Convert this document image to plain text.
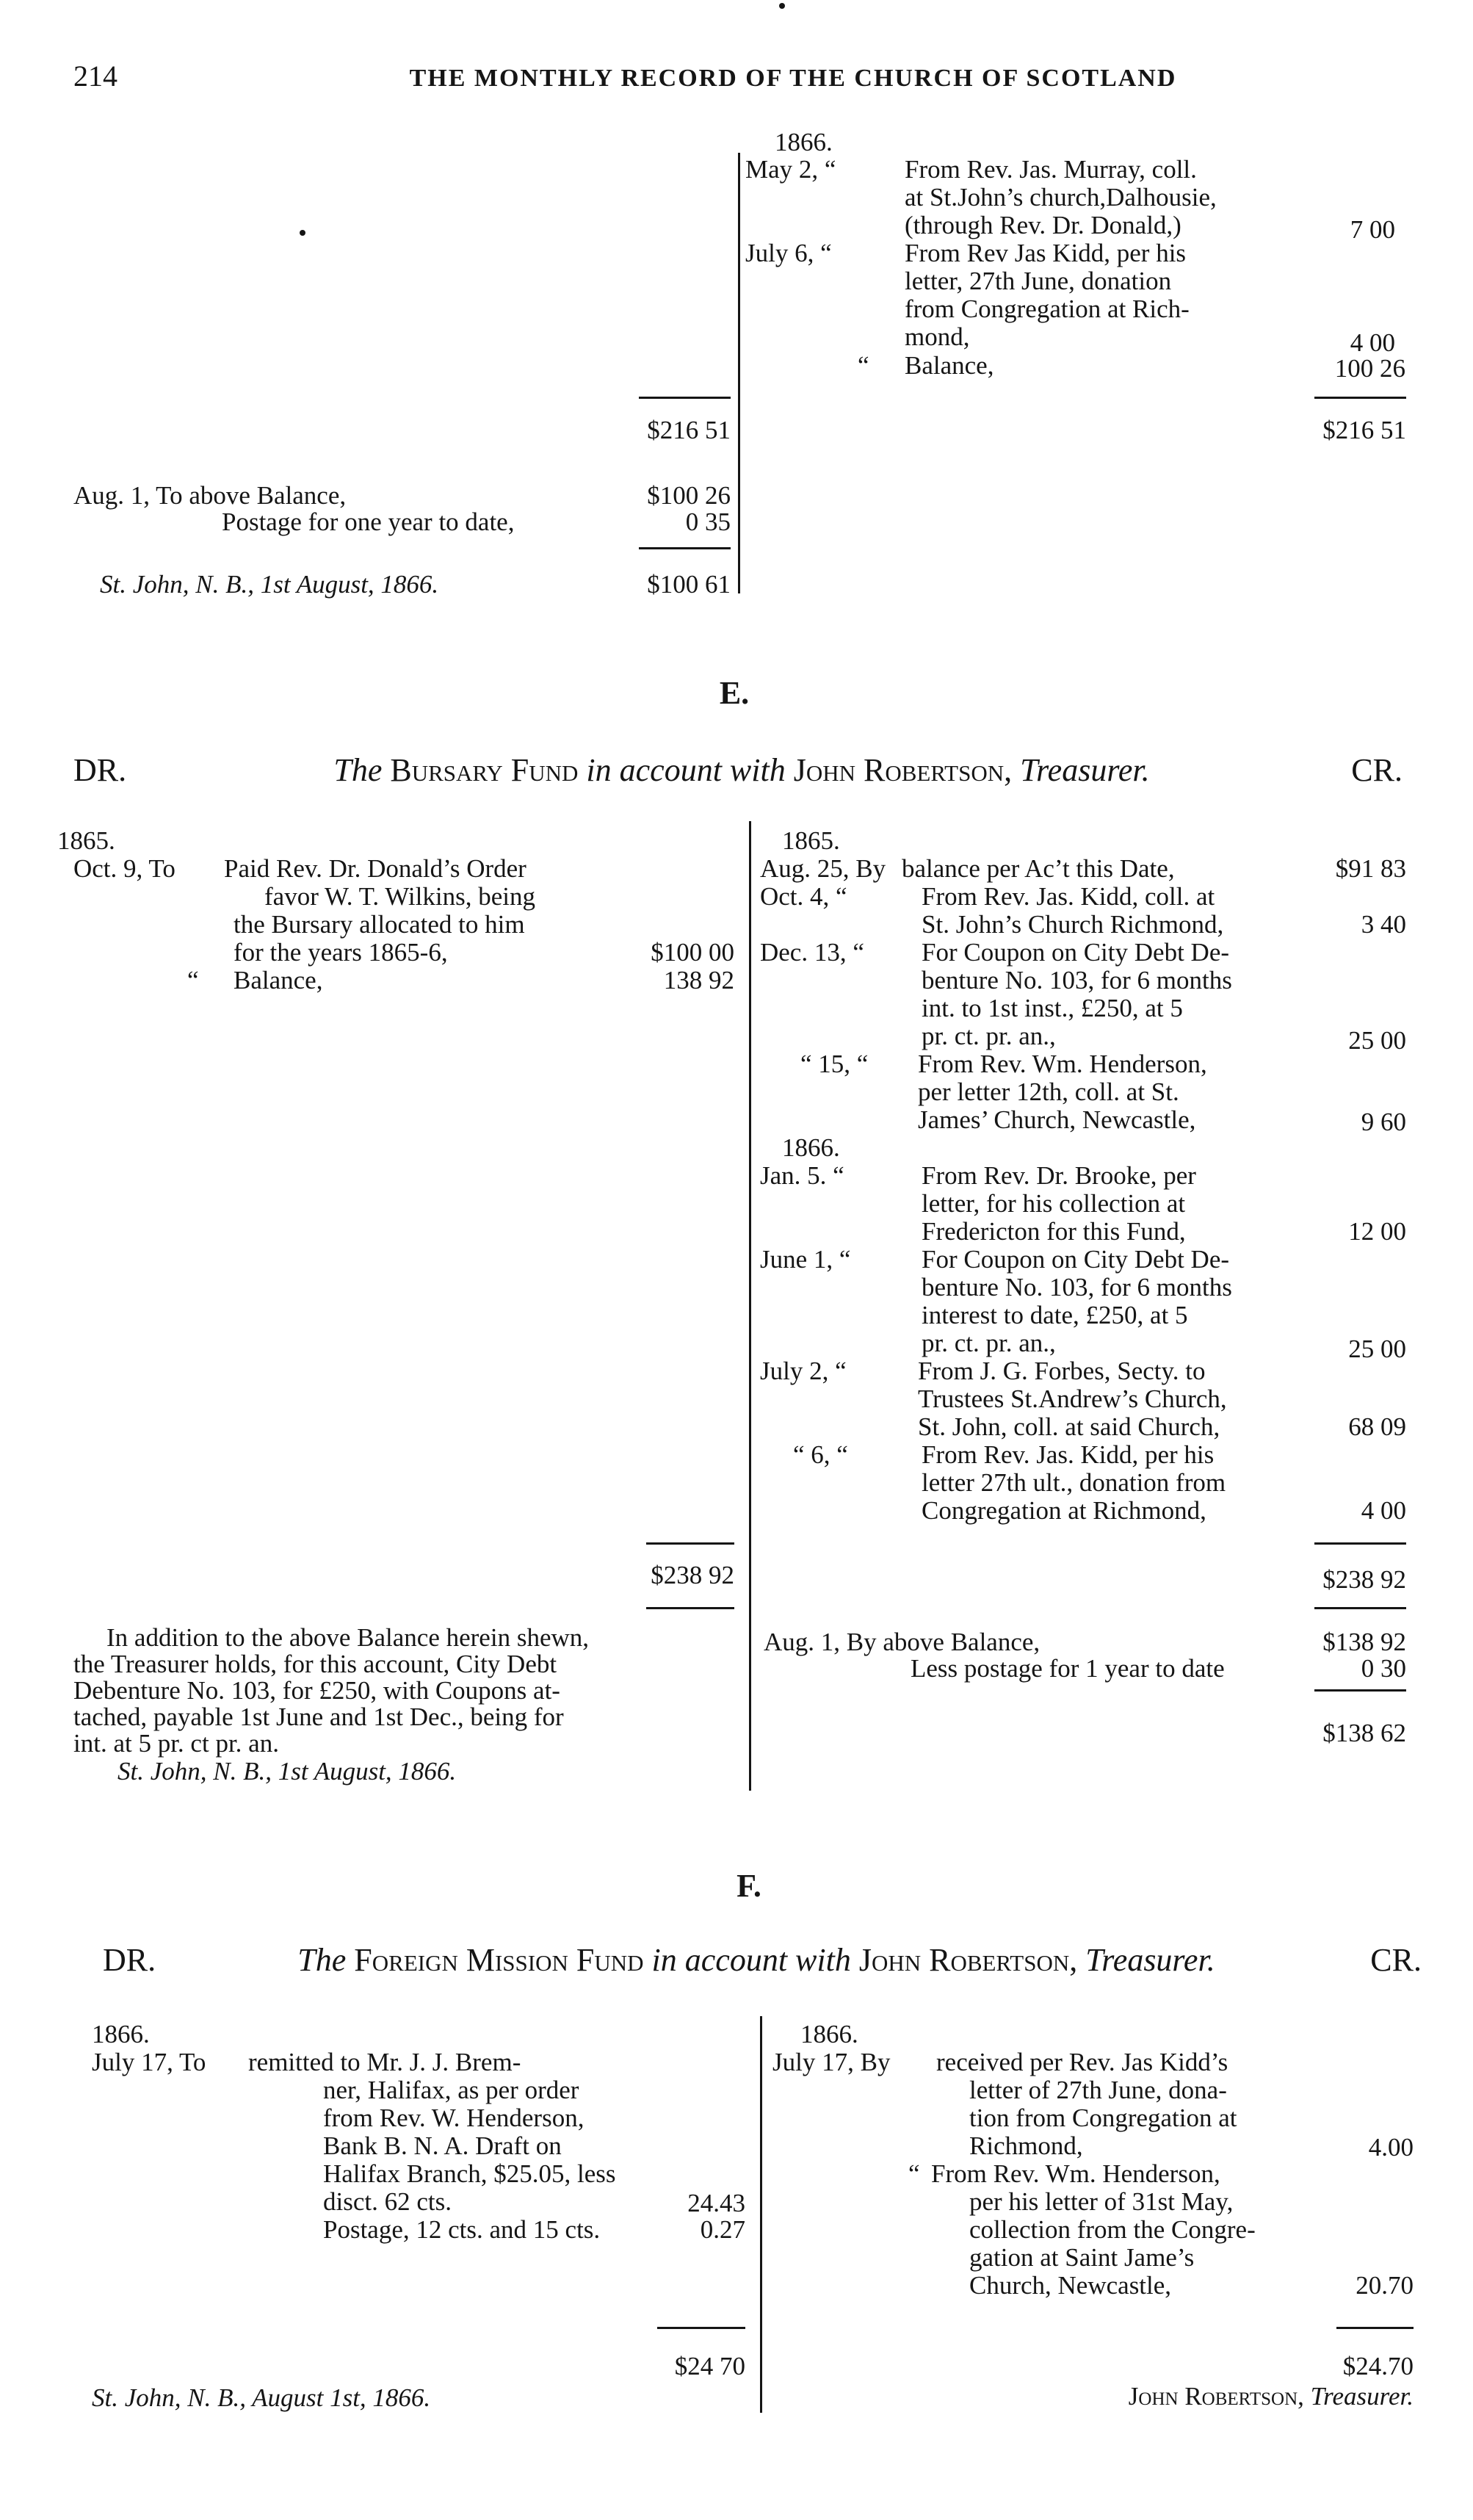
214	THE MONTHLY RECORD OF THE CHURCH OF SCOTLAND
1866.
May 2, “	From Rev. Jas. Murray, coll.
at St.John’s church,Dalhousie,
(through Rev. Dr. Donald,)	7 00
July 6, “	From Rev Jas Kidd, per his
letter, 27th June, donation
from Congregation at Rich-
mond,	4 00
“ Balance,	100 26
$216 51	$216 51
Aug. 1, To above Balance,	$100 26
Postage for one year to date,	0 35
St. John, N. B., 1st August, 1866.	$100 61
E.
DR.	The Bursary Fund in account with John Robertson, Treasurer.	CR.
1865.
Oct. 9, To Paid Rev. Dr. Donald’s Order
favor W. T. Wilkins, being
the Bursary allocated to him
for the years 1865-6,	$100 00
“ Balance,	138 92
1865.
Aug. 25, By balance per Ac’t this Date,	$91 83
Oct. 4, “	From Rev. Jas. Kidd, coll. at
St. John’s Church Richmond,	3 40
Dec. 13, “ For Coupon on City Debt De-
benture No. 103, for 6 months
int. to 1st inst., £250, at 5
pr. ct. pr. an.,	25 00
“ 15, “ From Rev. Wm. Henderson,
per letter 12th, coll. at St.
James’ Church, Newcastle,	9 60
1866.
Jan. 5. “	From Rev. Dr. Brooke, per
letter, for his collection at
Fredericton for this Fund,	12 00
June 1, “	For Coupon on City Debt De-
benture No. 103, for 6 months
interest to date, £250, at 5
pr. ct. pr. an.,	25 00
July 2, “	From J. G. Forbes, Secty. to
Trustees St.Andrew’s Church,
St. John, coll. at said Church,	68 09
“ 6, “	From Rev. Jas. Kidd, per his
letter 27th ult., donation from
Congregation at Richmond,	4 00
$238 92	$238 92
In addition to the above Balance herein shewn,
the Treasurer holds, for this account, City Debt
Debenture No. 103, for £250, with Coupons at-
tached, payable 1st June and 1st Dec., being for
int. at 5 pr. ct pr. an.
St. John, N. B., 1st August, 1866.
Aug. 1, By above Balance,	$138 92
Less postage for 1 year to date	0 30
$138 62
F.
DR.	The Foreign Mission Fund in account with John Robertson, Treasurer.	CR.
1866.
July 17, To remitted to Mr. J. J. Brem-
ner, Halifax, as per order
from Rev. W. Henderson,
Bank B. N. A. Draft on
Halifax Branch, $25.05, less
disct. 62 cts.	24.43
Postage, 12 cts. and 15 cts.	0.27
$24 70
St. John, N. B., August 1st, 1866.
1866.
July 17, By received per Rev. Jas Kidd’s
letter of 27th June, dona-
tion from Congregation at
Richmond,	4.00
“ From Rev. Wm. Henderson,
per his letter of 31st May,
collection from the Congre-
gation at Saint Jame’s
Church, Newcastle,	20.70
$24.70
John Robertson, Treasurer.
